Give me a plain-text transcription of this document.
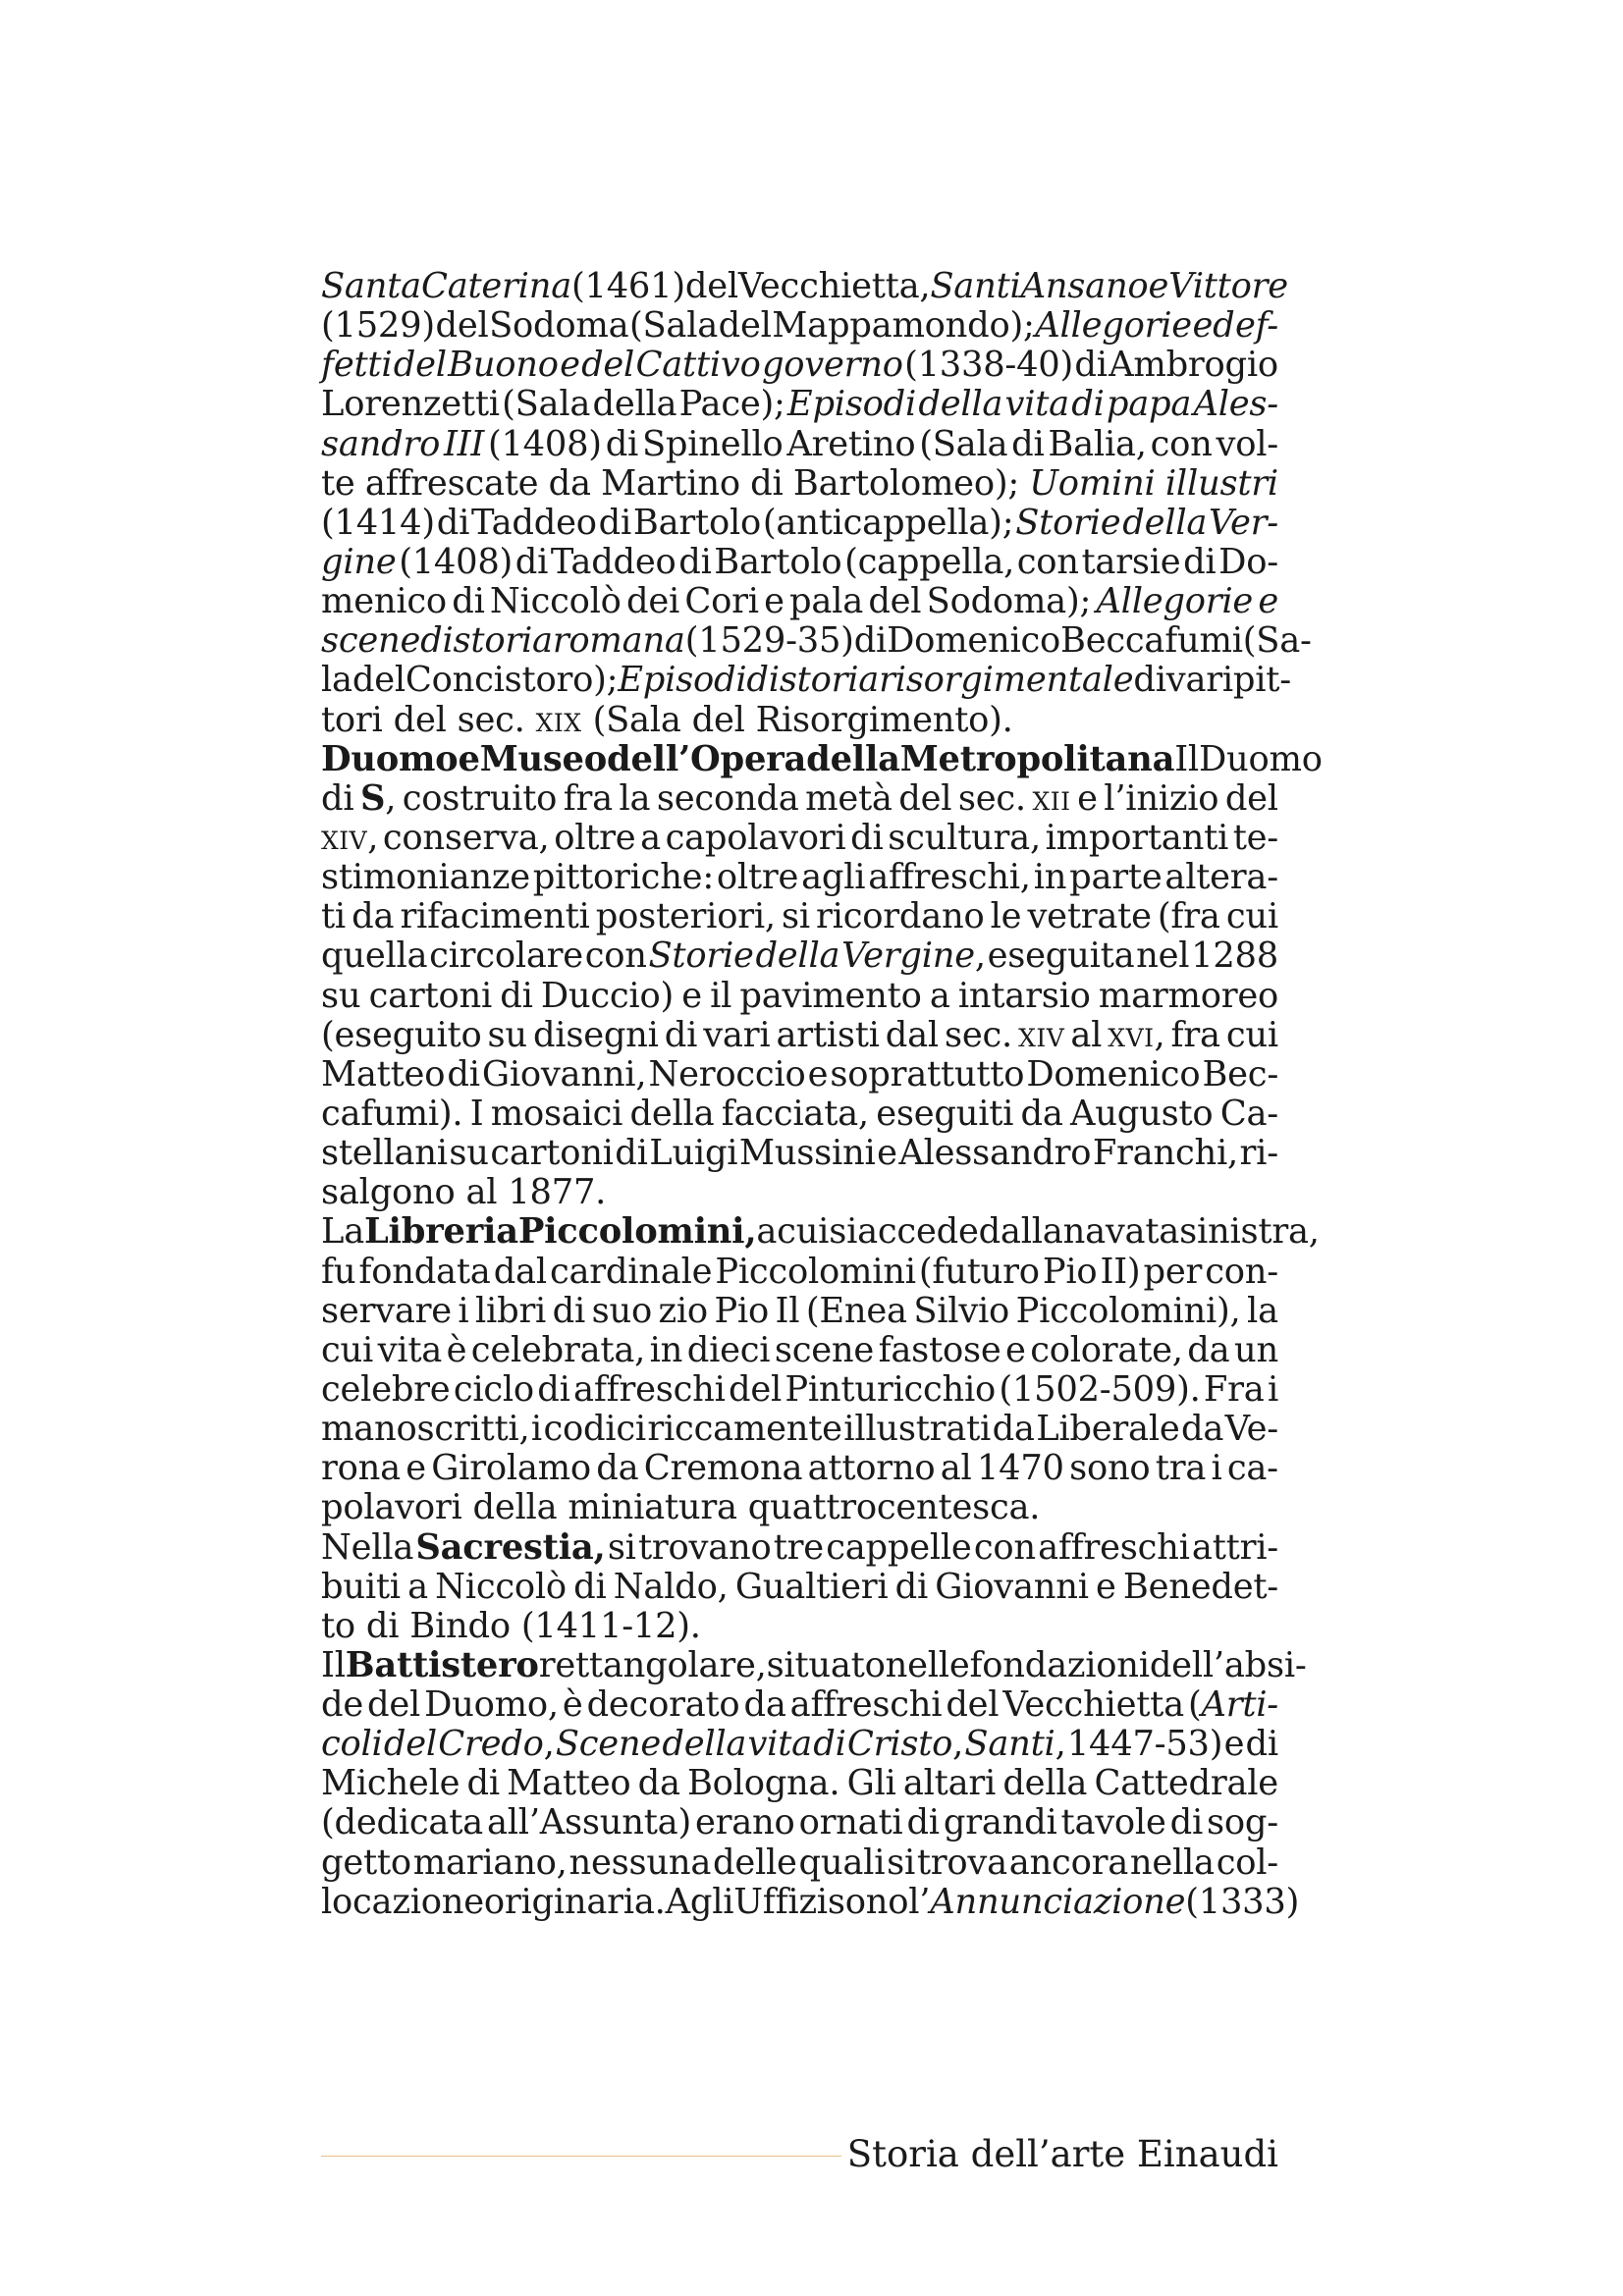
Santa Caterina (1461) del Vecchietta, Santi Ansano e Vittore
(1529) del Sodoma (Sala del Mappamondo); Allegorie ed ef-
fetti del Buono e del Cattivo governo (1338-40) di Ambrogio
Lorenzetti (Sala della Pace); Episodi della vita di papa Ales-
sandro III (1408) di Spinello Aretino (Sala di Balia, con vol-
te affrescate da Martino di Bartolomeo); Uomini illustri
(1414) di Taddeo di Bartolo (anticappella); Storie della Ver-
gine (1408) di Taddeo di Bartolo (cappella, con tarsie di Do-
menico di Niccolò dei Cori e pala del Sodoma); Allegorie e
scene di storia romana (1529-35) di Domenico Beccafumi (Sa-
la del Concistoro); Episodi di storia risorgimentale di vari pit-
tori del sec. xix (Sala del Risorgimento).
Duomo e Museo dell’Opera della Metropolitana Il Duomo
di S, costruito fra la seconda metà del sec. xii e l’inizio del
xiv, conserva, oltre a capolavori di scultura, importanti te-
stimonianze pittoriche: oltre agli affreschi, in parte altera-
ti da rifacimenti posteriori, si ricordano le vetrate (fra cui
quella circolare con Storie della Vergine, eseguita nel 1288
su cartoni di Duccio) e il pavimento a intarsio marmoreo
(eseguito su disegni di vari artisti dal sec. xiv al xvi, fra cui
Matteo di Giovanni, Neroccio e soprattutto Domenico Bec-
cafumi). I mosaici della facciata, eseguiti da Augusto Ca-
stellani su cartoni di Luigi Mussini e Alessandro Franchi, ri-
salgono al 1877.
La Libreria Piccolomini, a cui si accede dalla navata sinistra,
fu fondata dal cardinale Piccolomini (futuro Pio II) per con-
servare i libri di suo zio Pio Il (Enea Silvio Piccolomini), la
cui vita è celebrata, in dieci scene fastose e colorate, da un
celebre ciclo di affreschi del Pinturicchio (1502-509). Fra i
manoscritti, i codici riccamente illustrati da Liberale da Ve-
rona e Girolamo da Cremona attorno al 1470 sono tra i ca-
polavori della miniatura quattrocentesca.
Nella Sacrestia, si trovano tre cappelle con affreschi attri-
buiti a Niccolò di Naldo, Gualtieri di Giovanni e Benedet-
to di Bindo (1411-12).
Il Battistero rettangolare, situato nelle fondazioni dell’absi-
de del Duomo, è decorato da affreschi del Vecchietta (Arti-
coli del Credo, Scene della vita di Cristo, Santi, 1447-53) e di
Michele di Matteo da Bologna. Gli altari della Cattedrale
(dedicata all’Assunta) erano ornati di grandi tavole di sog-
getto mariano, nessuna delle quali si trova ancora nella col-
locazione originaria. Agli Uffizi sono l’Annunciazione (1333)
Storia dell’arte Einaudi
